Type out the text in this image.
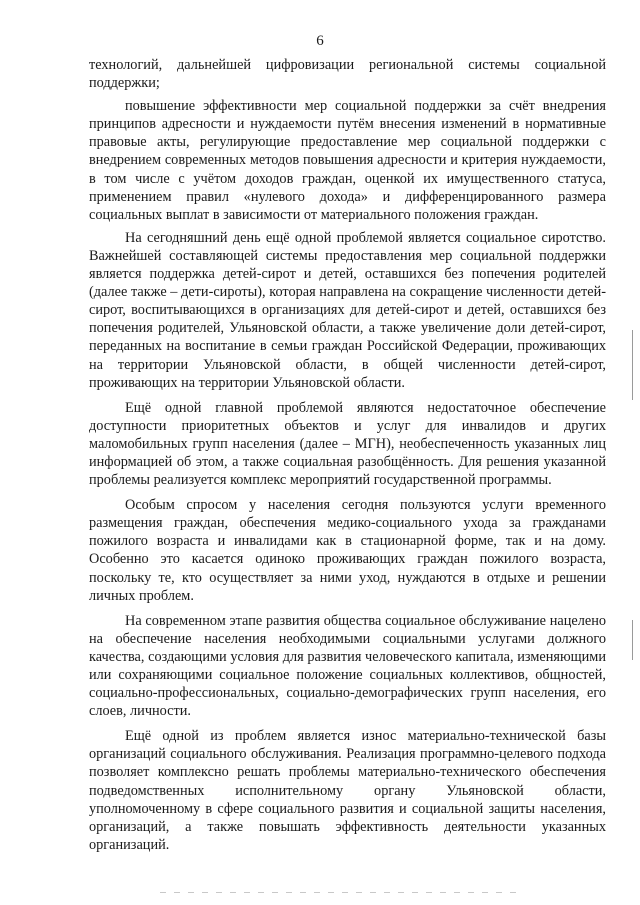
6

технологий, дальнейшей цифровизации региональной системы социальной поддержки;

повышение эффективности мер социальной поддержки за счёт внедрения принципов адресности и нуждаемости путём внесения изменений в нормативные правовые акты, регулирующие предоставление мер социальной поддержки с внедрением современных методов повышения адресности и критерия нуждаемости, в том числе с учётом доходов граждан, оценкой их имущественного статуса, применением правил «нулевого дохода» и дифференцированного размера социальных выплат в зависимости от материального положения граждан.

На сегодняшний день ещё одной проблемой является социальное сиротство. Важнейшей составляющей системы предоставления мер социальной поддержки является поддержка детей-сирот и детей, оставшихся без попечения родителей (далее также – дети-сироты), которая направлена на сокращение численности детей-сирот, воспитывающихся в организациях для детей-сирот и детей, оставшихся без попечения родителей, Ульяновской области, а также увеличение доли детей-сирот, переданных на воспитание в семьи граждан Российской Федерации, проживающих на территории Ульяновской области, в общей численности детей-сирот, проживающих на территории Ульяновской области.

Ещё одной главной проблемой являются недостаточное обеспечение доступности приоритетных объектов и услуг для инвалидов и других маломобильных групп населения (далее – МГН), необеспеченность указанных лиц информацией об этом, а также социальная разобщённость. Для решения указанной проблемы реализуется комплекс мероприятий государственной программы.

Особым спросом у населения сегодня пользуются услуги временного размещения граждан, обеспечения медико-социального ухода за гражданами пожилого возраста и инвалидами как в стационарной форме, так и на дому. Особенно это касается одиноко проживающих граждан пожилого возраста, поскольку те, кто осуществляет за ними уход, нуждаются в отдыхе и решении личных проблем.

На современном этапе развития общества социальное обслуживание нацелено на обеспечение населения необходимыми социальными услугами должного качества, создающими условия для развития человеческого капитала, изменяющими или сохраняющими социальное положение социальных коллективов, общностей, социально-профессиональных, социально-демографических групп населения, его слоев, личности.

Ещё одной из проблем является износ материально-технической базы организаций социального обслуживания. Реализация программно-целевого подхода позволяет комплексно решать проблемы материально-технического обеспечения подведомственных исполнительному органу Ульяновской области, уполномоченному в сфере социального развития и социальной защиты населения, организаций, а также повышать эффективность деятельности указанных организаций.
